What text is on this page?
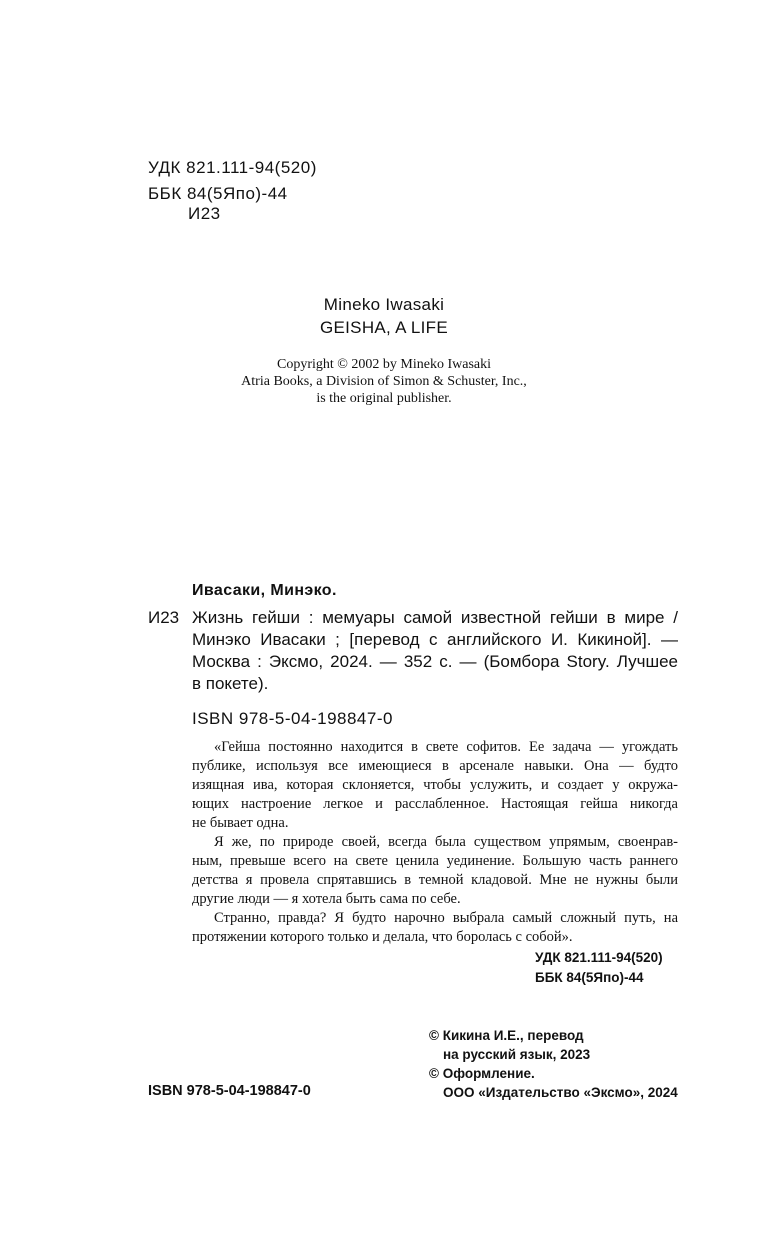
УДК 821.111-94(520)
ББК 84(5Япо)-44
И23
Mineko Iwasaki
GEISHA, A LIFE
Copyright © 2002 by Mineko Iwasaki
Atria Books, a Division of Simon & Schuster, Inc.,
is the original publisher.
Ивасаки, Минэко.
И23 Жизнь гейши : мемуары самой известной гейши в мире /
Минэко Ивасаки ; [перевод с английского И. Кикиной]. —
Москва : Эксмо, 2024. — 352 с. — (Бомбора Story. Лучшее
в покете).
ISBN 978-5-04-198847-0
«Гейша постоянно находится в свете софитов. Ее задача — угождать
публике, используя все имеющиеся в арсенале навыки. Она — будто
изящная ива, которая склоняется, чтобы услужить, и создает у окружа-
ющих настроение легкое и расслабленное. Настоящая гейша никогда
не бывает одна.
Я же, по природе своей, всегда была существом упрямым, своенрав-
ным, превыше всего на свете ценила уединение. Большую часть раннего
детства я провела спрятавшись в темной кладовой. Мне не нужны были
другие люди — я хотела быть сама по себе.
Странно, правда? Я будто нарочно выбрала самый сложный путь, на
протяжении которого только и делала, что боролась с собой».
УДК 821.111-94(520)
ББК 84(5Япо)-44
© Кикина И.Е., перевод
на русский язык, 2023
© Оформление.
ООО «Издательство «Эксмо», 2024
ISBN 978-5-04-198847-0
